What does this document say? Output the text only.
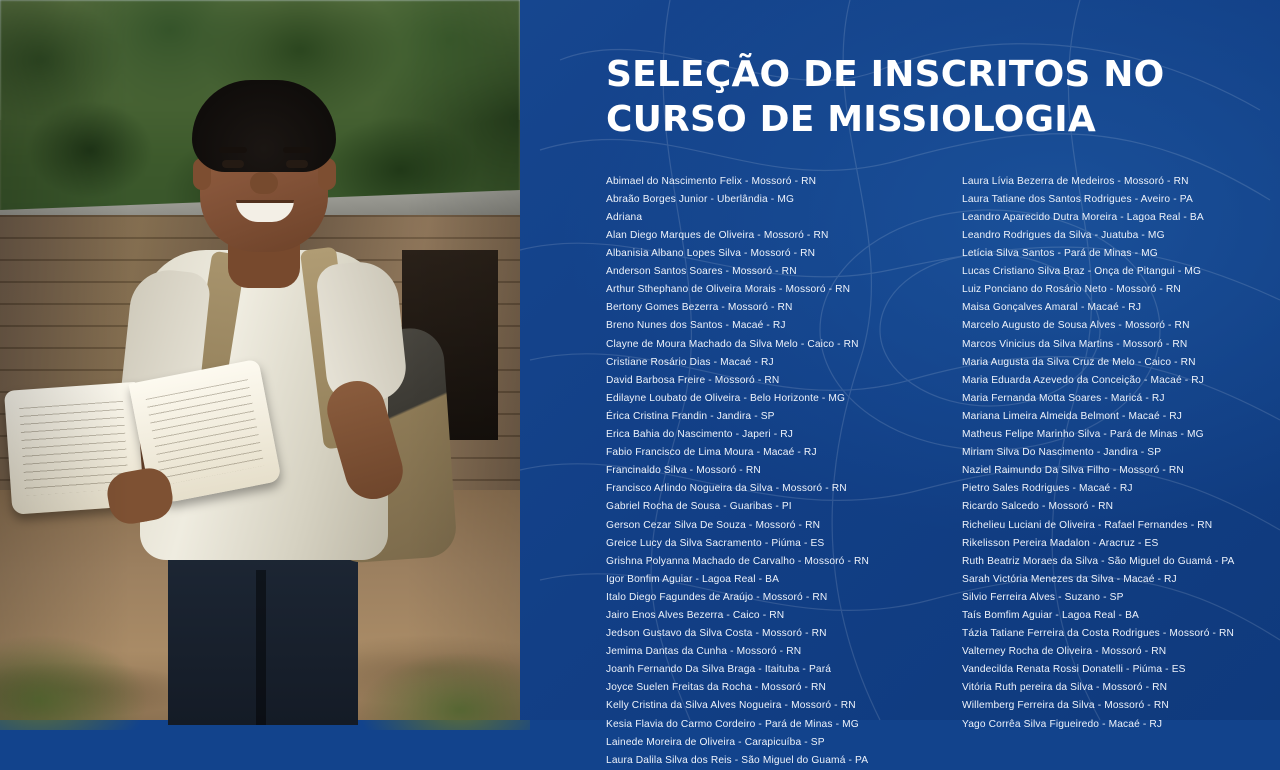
SELEÇÃO DE INSCRITOS NO CURSO DE MISSIOLOGIA
Abimael do Nascimento Felix - Mossoró - RN
Abraão Borges Junior - Uberlândia - MG
Adriana
Alan Diego Marques de Oliveira - Mossoró - RN
Albanisia Albano Lopes Silva - Mossoró - RN
Anderson Santos Soares - Mossoró - RN
Arthur Sthephano de Oliveira Morais - Mossoró - RN
Bertony Gomes Bezerra - Mossoró - RN
Breno Nunes dos Santos - Macaé - RJ
Clayne de Moura Machado da Silva Melo - Caico - RN
Cristiane Rosário Dias - Macaé - RJ
David Barbosa Freire - Mossoró - RN
Edilayne Loubato de Oliveira - Belo Horizonte - MG
Érica Cristina Frandin - Jandira - SP
Erica Bahia do Nascimento - Japeri - RJ
Fabio Francisco de Lima Moura - Macaé - RJ
Francinaldo Silva - Mossoró - RN
Francisco Arlindo Nogueira da Silva - Mossoró - RN
Gabriel Rocha de Sousa - Guaribas - PI
Gerson Cezar Silva De Souza - Mossoró - RN
Greice Lucy da Silva Sacramento - Piúma - ES
Grishna Polyanna Machado de Carvalho - Mossoró - RN
Igor Bonfim Aguiar - Lagoa Real - BA
Italo Diego Fagundes de Araújo - Mossoró - RN
Jairo Enos Alves Bezerra - Caico - RN
Jedson Gustavo da Silva Costa - Mossoró - RN
Jemima Dantas da Cunha - Mossoró - RN
Joanh Fernando Da Silva Braga - Itaituba - Pará
Joyce Suelen Freitas da Rocha - Mossoró - RN
Kelly Cristina da Silva Alves Nogueira - Mossoró - RN
Kesia Flavia do Carmo Cordeiro - Pará de Minas - MG
Lainede Moreira de Oliveira - Carapicuíba - SP
Laura Dalila Silva dos Reis - São Miguel do Guamá - PA
Laura Lívia Bezerra de Medeiros - Mossoró - RN
Laura Tatiane dos Santos Rodrigues - Aveiro - PA
Leandro Aparecido Dutra Moreira - Lagoa Real - BA
Leandro Rodrigues da Silva - Juatuba - MG
Letícia Silva Santos - Pará de Minas - MG
Lucas Cristiano Silva Braz - Onça de Pitangui - MG
Luiz Ponciano do Rosário Neto - Mossoró - RN
Maisa Gonçalves Amaral - Macaé - RJ
Marcelo Augusto de Sousa Alves - Mossoró - RN
Marcos Vinicius da Silva Martins - Mossoró - RN
Maria Augusta da Silva Cruz de Melo - Caico - RN
Maria Eduarda Azevedo da Conceição - Macaé - RJ
Maria Fernanda Motta Soares - Maricá - RJ
Mariana Limeira Almeida Belmont - Macaé - RJ
Matheus Felipe Marinho Silva - Pará de Minas - MG
Miriam Silva Do Nascimento - Jandira - SP
Naziel Raimundo Da Silva Filho - Mossoró - RN
Pietro Sales Rodrigues - Macaé - RJ
Ricardo Salcedo - Mossoró - RN
Richelieu Luciani de Oliveira - Rafael Fernandes - RN
Rikelisson Pereira Madalon - Aracruz - ES
Ruth Beatriz Moraes da Silva - São Miguel do Guamá - PA
Sarah Victória Menezes da Silva - Macaé - RJ
Silvio Ferreira Alves - Suzano - SP
Taís Bomfim Aguiar - Lagoa Real - BA
Tázia Tatiane Ferreira da Costa Rodrigues - Mossoró - RN
Valterney Rocha de Oliveira - Mossoró - RN
Vandecilda Renata Rossi Donatelli - Piúma - ES
Vitória Ruth pereira da Silva - Mossoró - RN
Willemberg Ferreira da Silva - Mossoró - RN
Yago Corrêa Silva Figueiredo - Macaé - RJ
